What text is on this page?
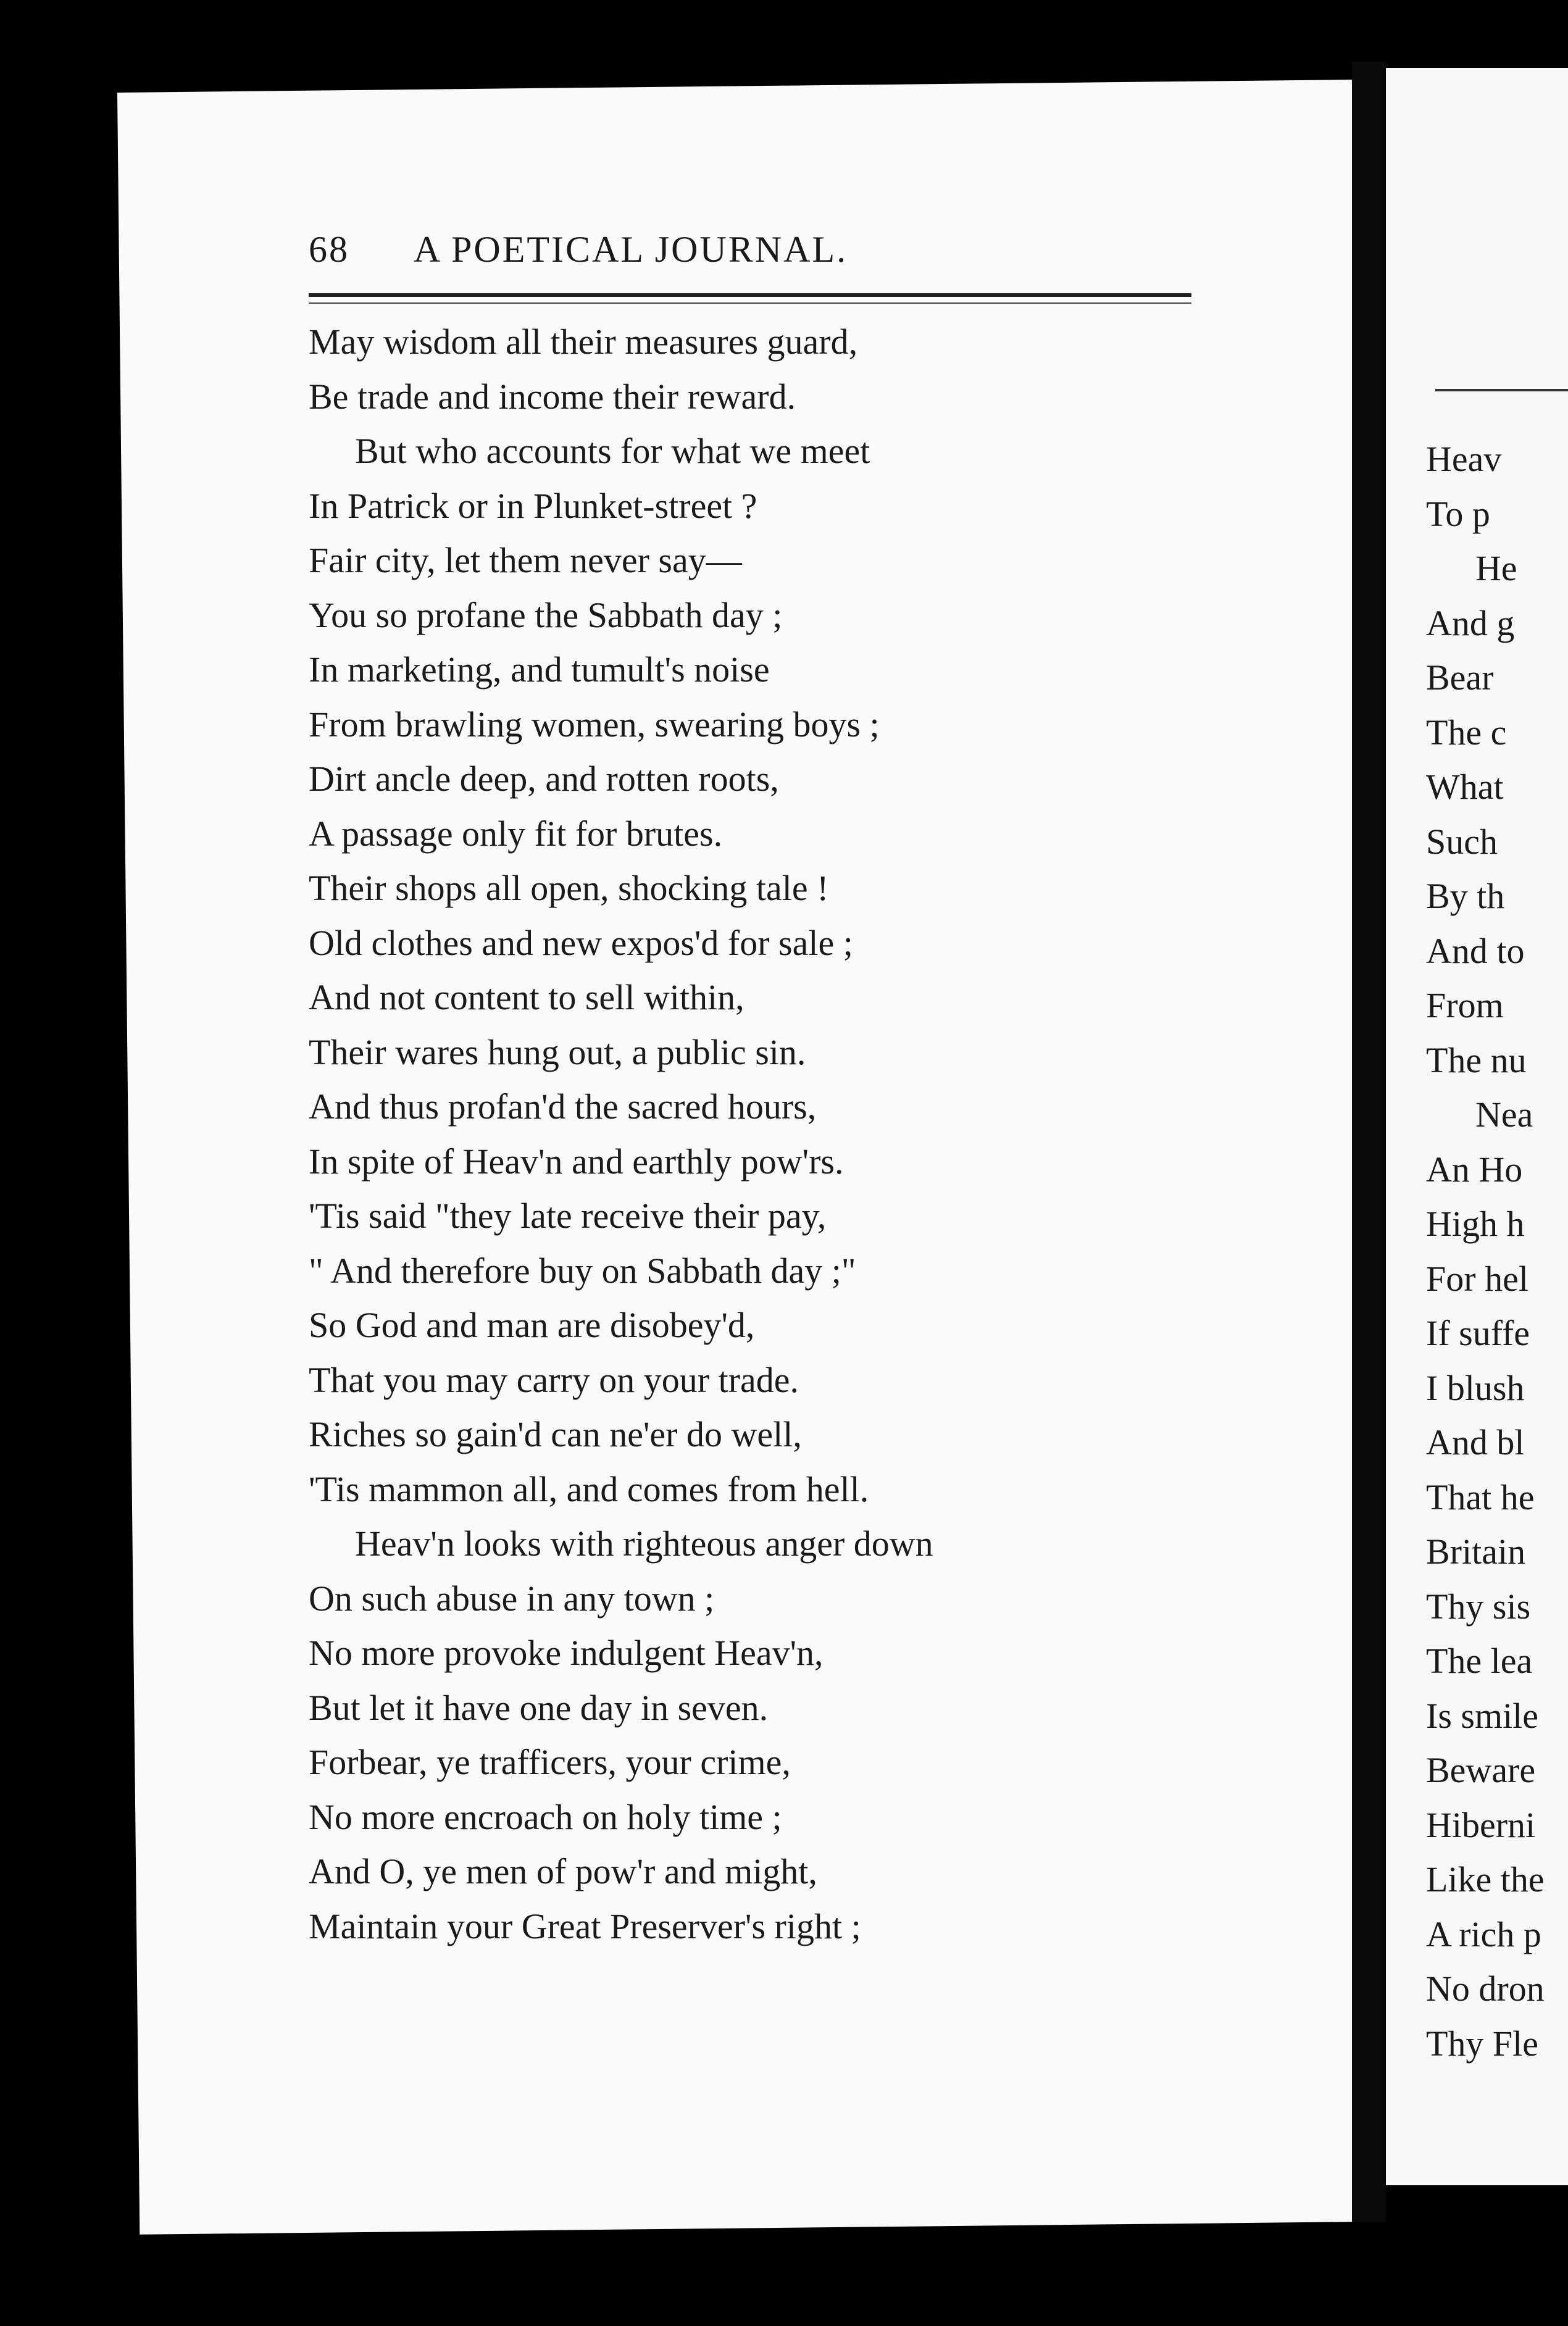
Heav
To p
He
And g
Bear
The c
What
Such
By th
And to
From
The nu
Nea
An Ho
High h
For hel
If suffe
I blush
And bl
That he
Britain
Thy sis
The lea
Is smile
Beware
Hiberni
Like the
A rich p
No dron
Thy Fle
68 A POETICAL JOURNAL.
May wisdom all their measures guard,
Be trade and income their reward.
But who accounts for what we meet
In Patrick or in Plunket-street ?
Fair city, let them never say—
You so profane the Sabbath day ;
In marketing, and tumult's noise
From brawling women, swearing boys ;
Dirt ancle deep, and rotten roots,
A passage only fit for brutes.
Their shops all open, shocking tale !
Old clothes and new expos'd for sale ;
And not content to sell within,
Their wares hung out, a public sin.
And thus profan'd the sacred hours,
In spite of Heav'n and earthly pow'rs.
'Tis said "they late receive their pay,
" And therefore buy on Sabbath day ;"
So God and man are disobey'd,
That you may carry on your trade.
Riches so gain'd can ne'er do well,
'Tis mammon all, and comes from hell.
Heav'n looks with righteous anger down
On such abuse in any town ;
No more provoke indulgent Heav'n,
But let it have one day in seven.
Forbear, ye trafficers, your crime,
No more encroach on holy time ;
And O, ye men of pow'r and might,
Maintain your Great Preserver's right ;
